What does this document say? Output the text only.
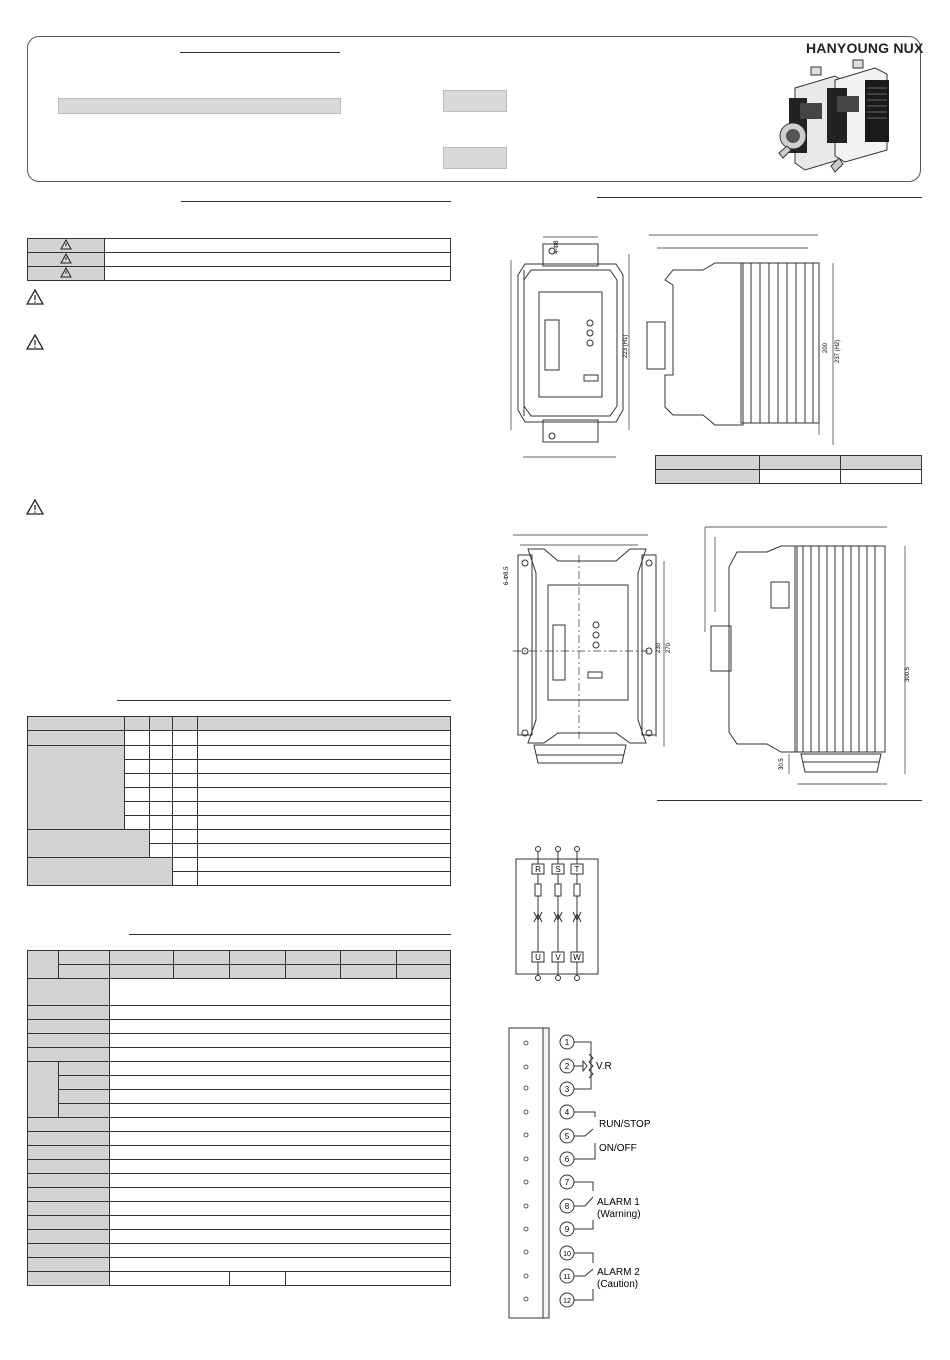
HANYOUNG NUX

4-Φ8
223 (H1)	200 237 (H2)

6-Φ8.5
230 270
300.5
30.5
R S T
U V W
1
2
3
4
5
6
7
8
9
10
11
12
V.R
RUN/STOP
ON/OFF
ALARM 1
(Warning)
ALARM 2
(Caution)
